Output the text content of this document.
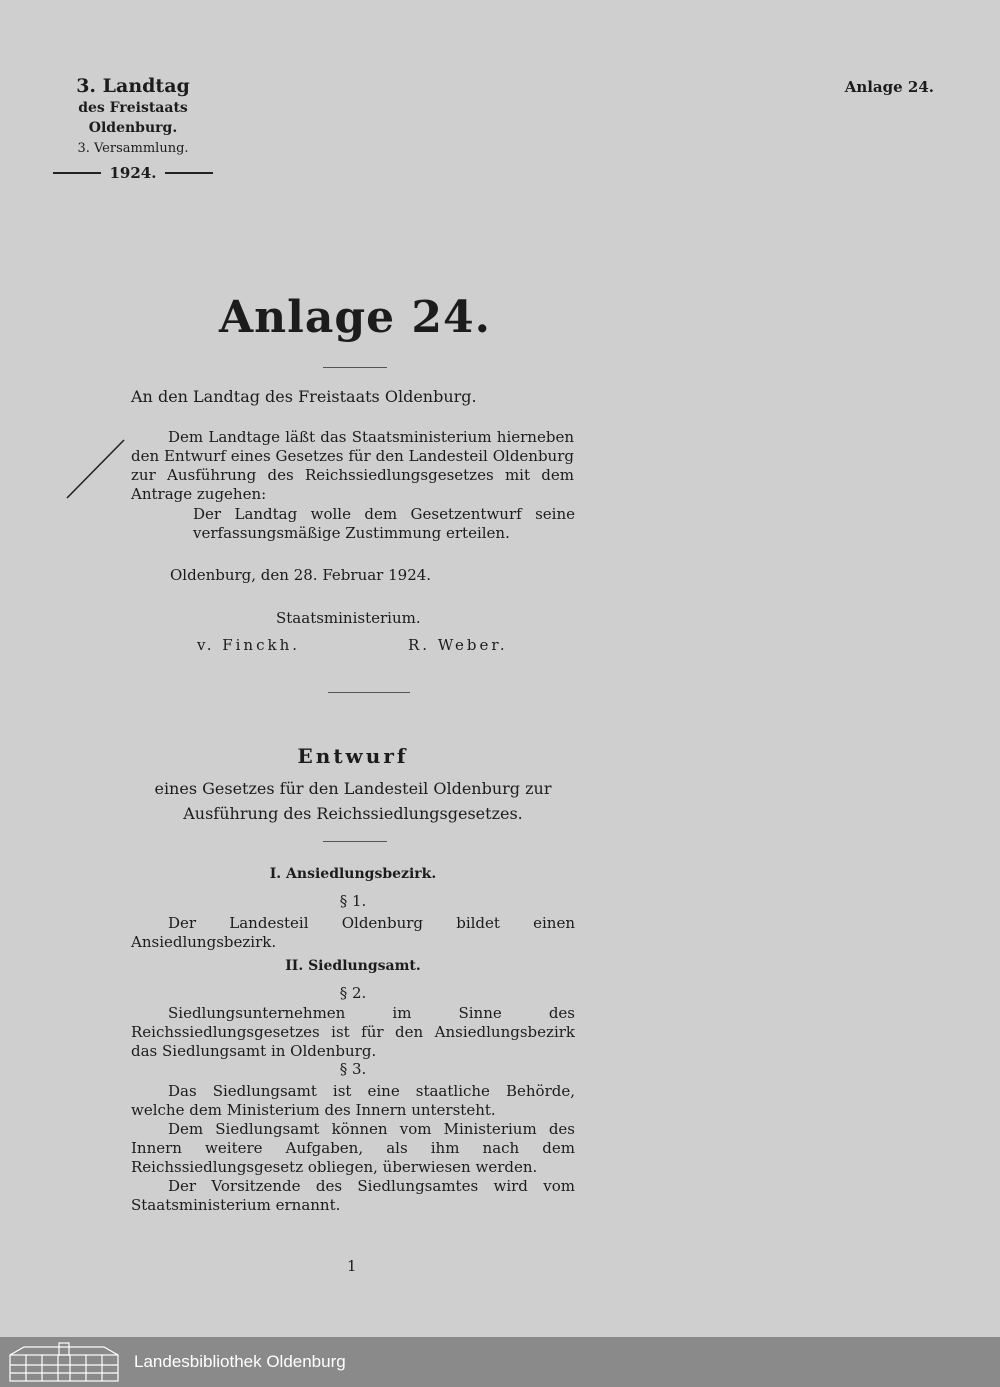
3. Landtag
des Freistaats Oldenburg.
3. Versammlung.
1924.
Anlage 24.
Anlage 24.
An den Landtag des Freistaats Oldenburg.
Dem Landtage läßt das Staatsministerium hierneben den Entwurf eines Gesetzes für den Landesteil Oldenburg zur Ausführung des Reichssiedlungsgesetzes mit dem Antrage zugehen:
Der Landtag wolle dem Gesetzentwurf seine verfassungsmäßige Zustimmung erteilen.
Oldenburg, den 28. Februar 1924.
Staatsministerium.
v. Finckh.	R. Weber.
Entwurf
eines Gesetzes für den Landesteil Oldenburg zur
Ausführung des Reichssiedlungsgesetzes.
I. Ansiedlungsbezirk.
§ 1.
Der Landesteil Oldenburg bildet einen Ansiedlungsbezirk.
II. Siedlungsamt.
§ 2.
Siedlungsunternehmen im Sinne des Reichssiedlungsgesetzes ist für den Ansiedlungsbezirk das Siedlungsamt in Oldenburg.
§ 3.
Das Siedlungsamt ist eine staatliche Behörde, welche dem Ministerium des Innern untersteht.
Dem Siedlungsamt können vom Ministerium des Innern weitere Aufgaben, als ihm nach dem Reichssiedlungsgesetz obliegen, überwiesen werden.
Der Vorsitzende des Siedlungsamtes wird vom Staatsministerium ernannt.
1
Landesbibliothek Oldenburg
